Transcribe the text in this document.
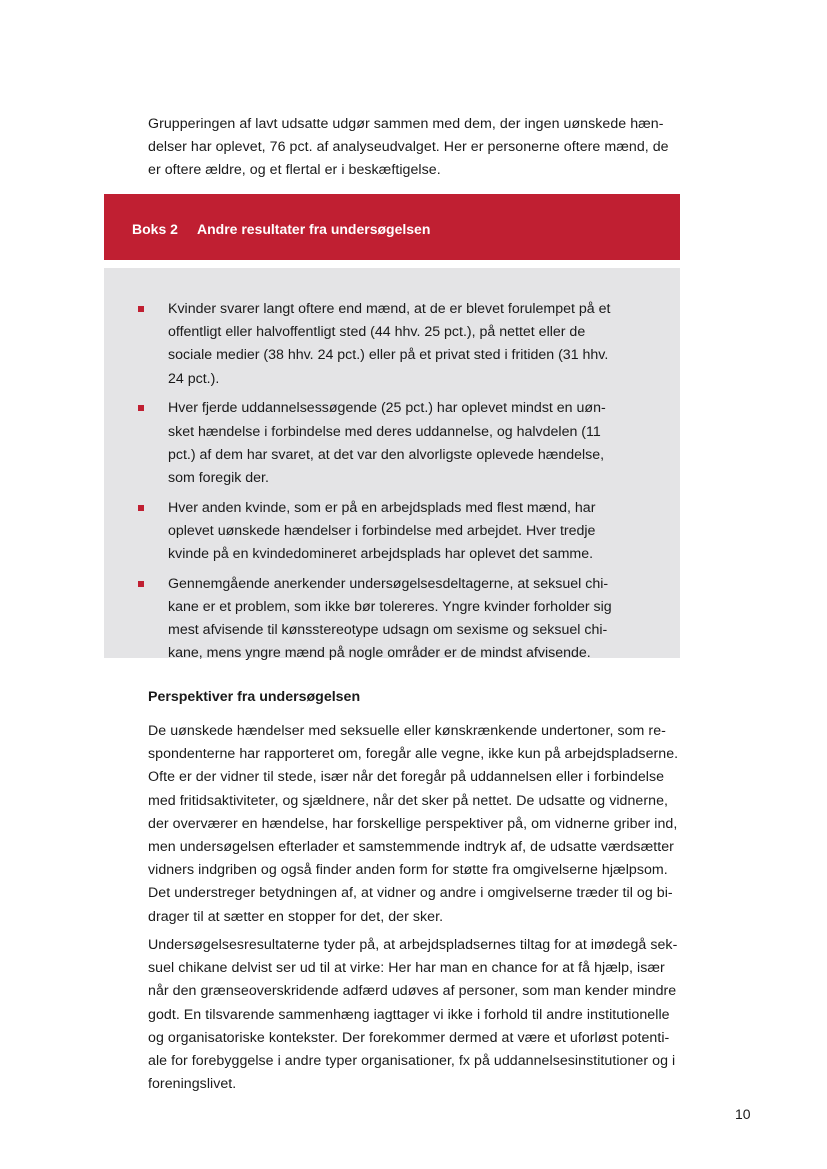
Grupperingen af lavt udsatte udgør sammen med dem, der ingen uønskede hæn-
delser har oplevet, 76 pct. af analyseudvalget. Her er personerne oftere mænd, de
er oftere ældre, og et flertal er i beskæftigelse.
Boks 2 Andre resultater fra undersøgelsen
Kvinder svarer langt oftere end mænd, at de er blevet forulempet på et
offentligt eller halvoffentligt sted (44 hhv. 25 pct.), på nettet eller de
sociale medier (38 hhv. 24 pct.) eller på et privat sted i fritiden (31 hhv.
24 pct.).
Hver fjerde uddannelsessøgende (25 pct.) har oplevet mindst en uøn-
sket hændelse i forbindelse med deres uddannelse, og halvdelen (11
pct.) af dem har svaret, at det var den alvorligste oplevede hændelse,
som foregik der.
Hver anden kvinde, som er på en arbejdsplads med flest mænd, har
oplevet uønskede hændelser i forbindelse med arbejdet. Hver tredje
kvinde på en kvindedomineret arbejdsplads har oplevet det samme.
Gennemgående anerkender undersøgelsesdeltagerne, at seksuel chi-
kane er et problem, som ikke bør tolereres. Yngre kvinder forholder sig
mest afvisende til kønsstereotype udsagn om sexisme og seksuel chi-
kane, mens yngre mænd på nogle områder er de mindst afvisende.
Perspektiver fra undersøgelsen
De uønskede hændelser med seksuelle eller kønskrænkende undertoner, som re-
spondenterne har rapporteret om, foregår alle vegne, ikke kun på arbejdspladserne.
Ofte er der vidner til stede, især når det foregår på uddannelsen eller i forbindelse
med fritidsaktiviteter, og sjældnere, når det sker på nettet. De udsatte og vidnerne,
der overværer en hændelse, har forskellige perspektiver på, om vidnerne griber ind,
men undersøgelsen efterlader et samstemmende indtryk af, de udsatte værdsætter
vidners indgriben og også finder anden form for støtte fra omgivelserne hjælpsom.
Det understreger betydningen af, at vidner og andre i omgivelserne træder til og bi-
drager til at sætter en stopper for det, der sker.
Undersøgelsesresultaterne tyder på, at arbejdspladsernes tiltag for at imødegå sek-
suel chikane delvist ser ud til at virke: Her har man en chance for at få hjælp, især
når den grænseoverskridende adfærd udøves af personer, som man kender mindre
godt. En tilsvarende sammenhæng iagttager vi ikke i forhold til andre institutionelle
og organisatoriske kontekster. Der forekommer dermed at være et uforløst potenti-
ale for forebyggelse i andre typer organisationer, fx på uddannelsesinstitutioner og i
foreningslivet.
10
